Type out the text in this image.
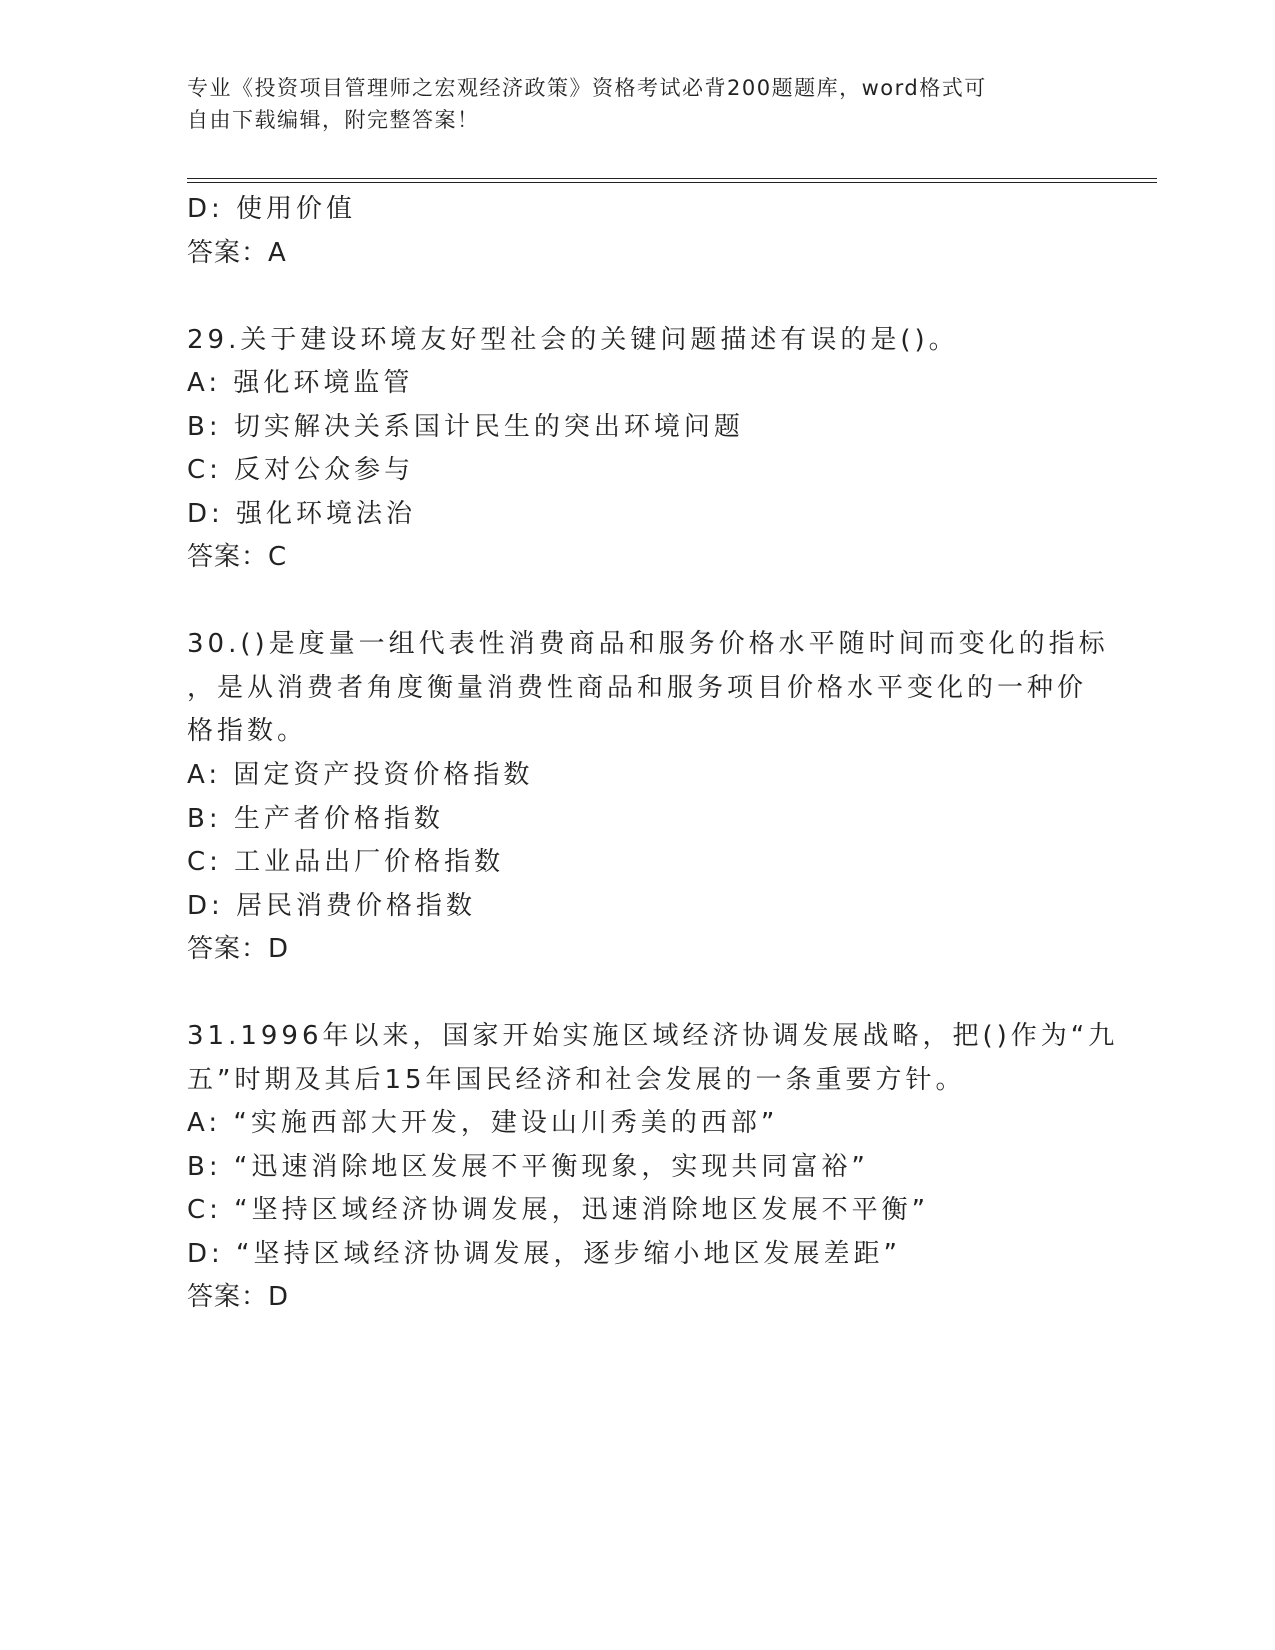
专业《投资项目管理师之宏观经济政策》资格考试必背200题题库，word格式可
自由下载编辑，附完整答案！
D: 使用价值
答案：A
29.关于建设环境友好型社会的关键问题描述有误的是()。
A: 强化环境监管
B: 切实解决关系国计民生的突出环境问题
C: 反对公众参与
D: 强化环境法治
答案：C
30.()是度量一组代表性消费商品和服务价格水平随时间而变化的指标
，是从消费者角度衡量消费性商品和服务项目价格水平变化的一种价
格指数。
A: 固定资产投资价格指数
B: 生产者价格指数
C: 工业品出厂价格指数
D: 居民消费价格指数
答案：D
31.1996年以来，国家开始实施区域经济协调发展战略，把()作为“九
五”时期及其后15年国民经济和社会发展的一条重要方针。
A: “实施西部大开发，建设山川秀美的西部”
B: “迅速消除地区发展不平衡现象，实现共同富裕”
C: “坚持区域经济协调发展，迅速消除地区发展不平衡”
D: “坚持区域经济协调发展，逐步缩小地区发展差距”
答案：D
